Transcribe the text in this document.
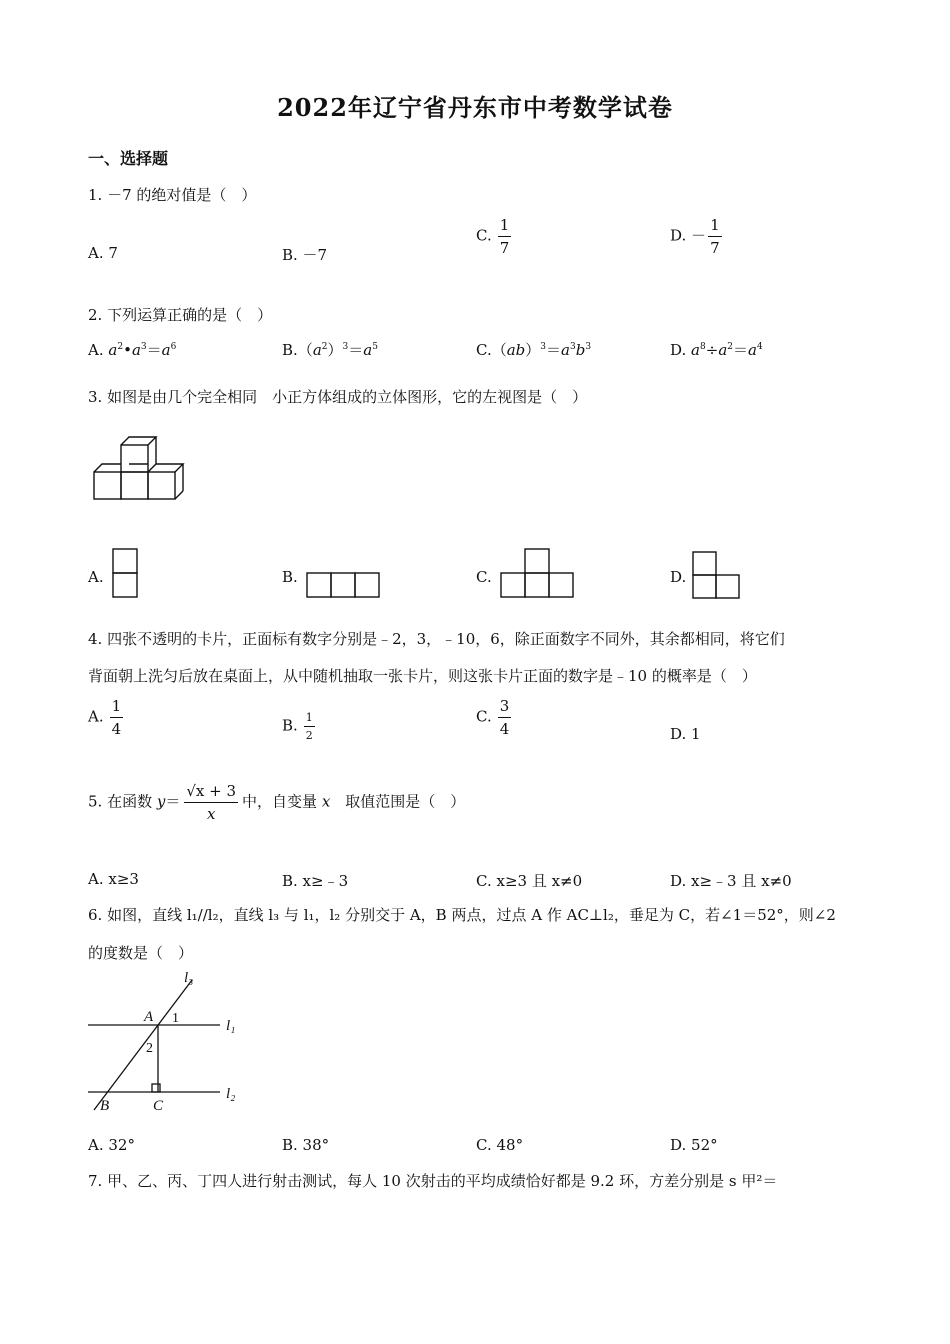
2022年辽宁省丹东市中考数学试卷
一、选择题
1. －7 的绝对值是（　）
A. 7	B. －7
C. $\frac{1}{7}$	D. － $\frac{1}{7}$
2. 下列运算正确的是（　）
A. $a^2•a^3=a^6$	$B.(a^2)^3=a^5$	$C.(ab)^3=a^3b^3$	D. $a^8\div a^2=a^4$
3. 如图是由几个完全相同　小正方体组成的立体图形，它的左视图是（　）
A.	B.	C.	D.
4. 四张不透明的卡片，正面标有数字分别是﹣2，3，﹣10，6，除正面数字不同外，其余都相同，将它们
背面朝上洗匀后放在桌面上，从中随机抽取一张卡片，则这张卡片正面的数字是﹣10 的概率是（　）
A. $\frac{1}{4}$	B. $\frac{1}{2}$	C. $\frac{3}{4}$	D. 1
5. 在函数 $y= \frac{√x + 3}{x}$ 中，自变量 x　取值范围是（　）
A. x≥3	B. x≥﹣3	C. x≥3 且 x≠0	D. x≥﹣3 且 x≠0
6. 如图，直线 l₁//l₂，直线 l₃ 与 l₁，l₂ 分别交于 A，B 两点，过点 A 作 AC⊥l₂，垂足为 C，若∠1＝52°，则∠2
的度数是（　）
l₃
l₁
l₂
A
B	C
1
2
A. 32°	B. 38°	C. 48°	D. 52°
7. 甲、乙、丙、丁四人进行射击测试，每人 10 次射击的平均成绩恰好都是 9.2 环，方差分别是 s 甲²＝
